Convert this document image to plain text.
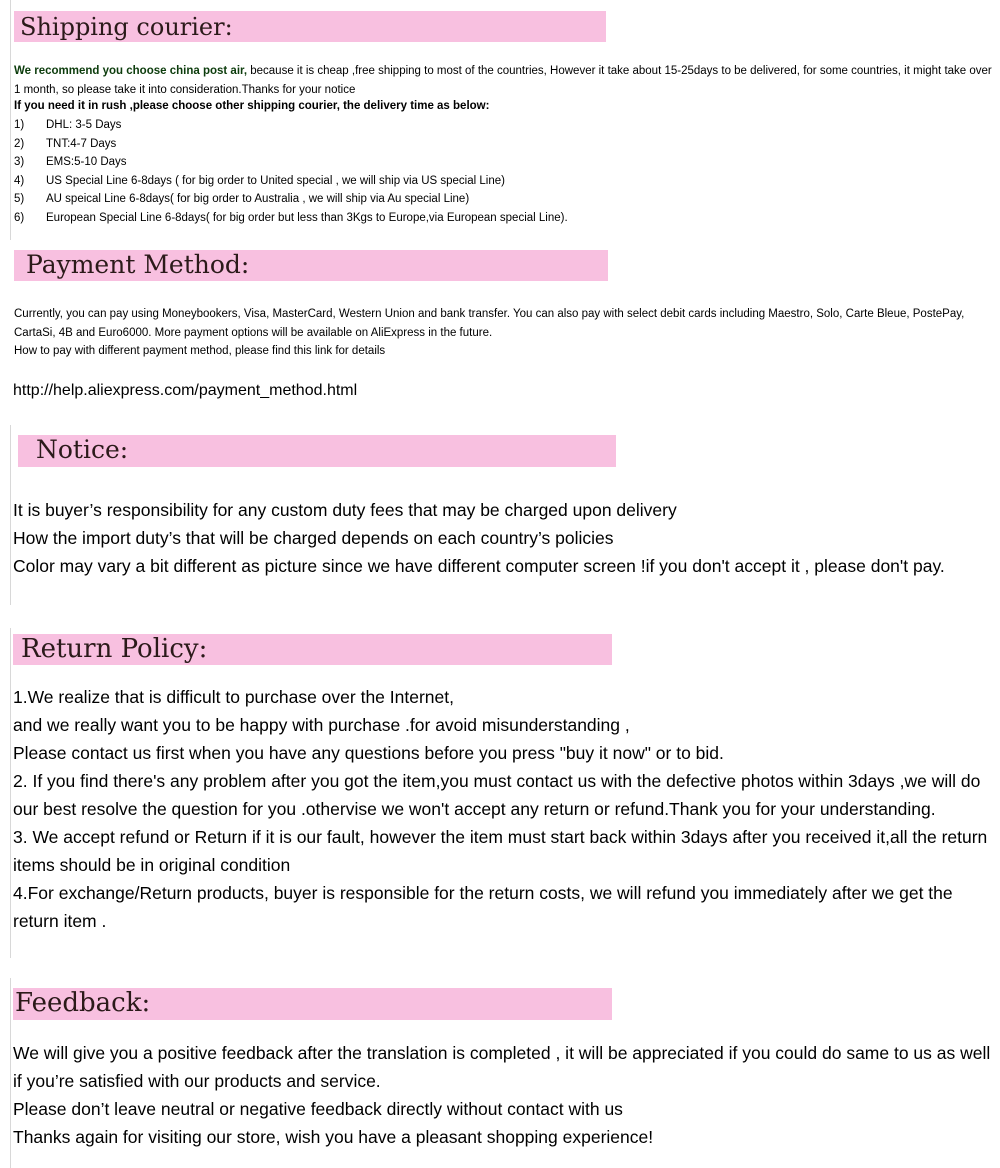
Shipping courier:
We recommend you choose china post air, because it is cheap ,free shipping to most of the countries, However it take about 15-25days to be delivered, for some countries, it might take over 1 month, so please take it into consideration.Thanks for your notice
If you need it in rush ,please choose other shipping courier, the delivery time as below:
1)	DHL: 3-5 Days
2)	TNT:4-7 Days
3)	EMS:5-10 Days
4)	US Special Line 6-8days ( for big order to United special , we will ship via US special Line)
5)	AU speical Line 6-8days( for big order to Australia , we will ship via Au special Line)
6)	European Special Line 6-8days( for big order but less than 3Kgs to Europe,via European special Line).
Payment Method:
Currently, you can pay using Moneybookers, Visa, MasterCard, Western Union and bank transfer. You can also pay with select debit cards including Maestro, Solo, Carte Bleue, PostePay, CartaSi, 4B and Euro6000. More payment options will be available on AliExpress in the future.
How to pay with different payment method, please find this link for details
http://help.aliexpress.com/payment_method.html
Notice:
It is buyer’s responsibility for any custom duty fees that may be charged upon delivery
How the import duty’s that will be charged depends on each country’s policies
Color may vary a bit different as picture since we have different computer screen !if you don't accept it , please don't pay.
Return Policy:
1.We realize that is difficult to purchase over the Internet,
and we really want you to be happy with purchase .for avoid misunderstanding ,
Please contact us first when you have any questions before you press "buy it now" or to bid.
2. If you find there's any problem after you got the item,you must contact us with the defective photos within 3days ,we will do our best resolve the question for you .othervise we won't accept any return or refund.Thank you for your understanding.
3. We accept refund or Return if it is our fault, however the item must start back within 3days after you received it,all the return items should be in original condition
4.For exchange/Return products, buyer is responsible for the return costs, we will refund you immediately after we get the return item .
Feedback:
We will give you a positive feedback after the translation is completed , it will be appreciated if you could do same to us as well if you’re satisfied with our products and service.
Please don’t leave neutral or negative feedback directly without contact with us
Thanks again for visiting our store, wish you have a pleasant shopping experience!
